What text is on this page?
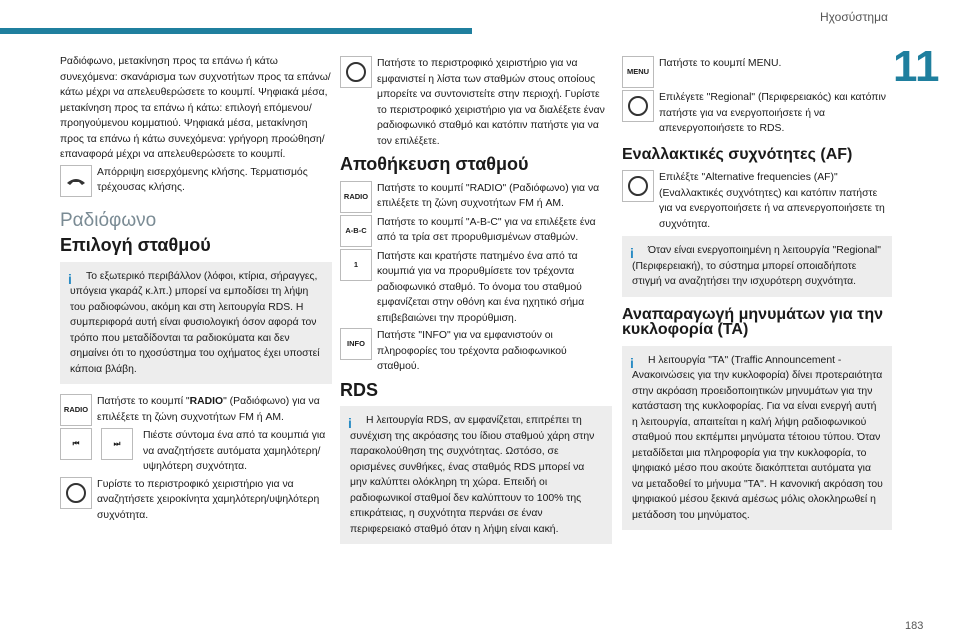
Ηχοσύστημα
11
183

Ραδιόφωνο, μετακίνηση προς τα επάνω ή κάτω συνεχόμενα: σκανάρισμα των συχνοτήτων προς τα επάνω/κάτω μέχρι να απελευθερώσετε το κουμπί. Ψηφιακά μέσα, μετακίνηση προς τα επάνω ή κάτω: επιλογή επόμενου/προηγούμενου κομματιού. Ψηφιακά μέσα, μετακίνηση προς τα επάνω ή κάτω συνεχόμενα: γρήγορη προώθηση/επαναφορά μέχρι να απελευθερώσετε το κουμπί.

Απόρριψη εισερχόμενης κλήσης. Τερματισμός τρέχουσας κλήσης.

Ραδιόφωνο
Επιλογή σταθμού
i	Το εξωτερικό περιβάλλον (λόφοι, κτίρια, σήραγγες, υπόγεια γκαράζ κ.λπ.) μπορεί να εμποδίσει τη λήψη του ραδιοφώνου, ακόμη και στη λειτουργία RDS. Η συμπεριφορά αυτή είναι φυσιολογική όσον αφορά τον τρόπο που μεταδίδονται τα ραδιοκύματα και δεν σημαίνει ότι το ηχοσύστημα του οχήματος έχει υποστεί κάποια βλάβη.

RADIO

Πατήστε το κουμπί "RADIO" (Ραδιόφωνο) για να επιλέξετε τη ζώνη συχνοτήτων FM ή AM.

⏮	⏭

Πιέστε σύντομα ένα από τα κουμπιά για να αναζητήσετε αυτόματα χαμηλότερη/υψηλότερη συχνότητα.

Γυρίστε το περιστροφικό χειριστήριο για να αναζητήσετε χειροκίνητα χαμηλότερη/υψηλότερη συχνότητα.

Πατήστε το περιστροφικό χειριστήριο για να εμφανιστεί η λίστα των σταθμών στους οποίους μπορείτε να συντονιστείτε στην περιοχή. Γυρίστε το περιστροφικό χειριστήριο για να διαλέξετε έναν ραδιοφωνικό σταθμό και κατόπιν πατήστε για να τον επιλέξετε.

Αποθήκευση σταθμού
RADIO

Πατήστε το κουμπί "RADIO" (Ραδιόφωνο) για να επιλέξετε τη ζώνη συχνοτήτων FM ή AM.

A-B-C

Πατήστε το κουμπί "A-B-C" για να επιλέξετε ένα από τα τρία σετ προρυθμισμένων σταθμών.

1

Πατήστε και κρατήστε πατημένο ένα από τα κουμπιά για να προρυθμίσετε τον τρέχοντα ραδιοφωνικό σταθμό. Το όνομα του σταθμού εμφανίζεται στην οθόνη και ένα ηχητικό σήμα επιβεβαιώνει την προρύθμιση.

INFO

Πατήστε "INFO" για να εμφανιστούν οι πληροφορίες του τρέχοντα ραδιοφωνικού σταθμού.

RDS
i	Η λειτουργία RDS, αν εμφανίζεται, επιτρέπει τη συνέχιση της ακρόασης του ίδιου σταθμού χάρη στην παρακολούθηση της συχνότητας. Ωστόσο, σε ορισμένες συνθήκες, ένας σταθμός RDS μπορεί να μην καλύπτει ολόκληρη τη χώρα. Επειδή οι ραδιοφωνικοί σταθμοί δεν καλύπτουν το 100% της επικράτειας, η συχνότητα περνάει σε έναν περιφερειακό σταθμό όταν η λήψη είναι κακή.

MENU

Πατήστε το κουμπί MENU.

Επιλέγετε "Regional" (Περιφερειακός) και κατόπιν πατήστε για να ενεργοποιήσετε ή να απενεργοποιήσετε το RDS.

Εναλλακτικές συχνότητες (AF)

Επιλέξτε "Alternative frequencies (AF)" (Εναλλακτικές συχνότητες) και κατόπιν πατήστε για να ενεργοποιήσετε ή να απενεργοποιήσετε τη συχνότητα.

i	Όταν είναι ενεργοποιημένη η λειτουργία "Regional" (Περιφερειακή), το σύστημα μπορεί οποιαδήποτε στιγμή να αναζητήσει την ισχυρότερη συχνότητα.

Αναπαραγωγή μηνυμάτων για την κυκλοφορία (TA)
i	Η λειτουργία "TA" (Traffic Announcement - Ανακοινώσεις για την κυκλοφορία) δίνει προτεραιότητα στην ακρόαση προειδοποιητικών μηνυμάτων για την κατάσταση της κυκλοφορίας. Για να είναι ενεργή αυτή η λειτουργία, απαιτείται η καλή λήψη ραδιοφωνικού σταθμού που εκπέμπει μηνύματα τέτοιου τύπου. Όταν μεταδίδεται μια πληροφορία για την κυκλοφορία, το ψηφιακό μέσο που ακούτε διακόπτεται αυτόματα για να μεταδοθεί το μήνυμα "TA". Η κανονική ακρόαση του ψηφιακού μέσου ξεκινά αμέσως μόλις ολοκληρωθεί η μετάδοση του μηνύματος.
